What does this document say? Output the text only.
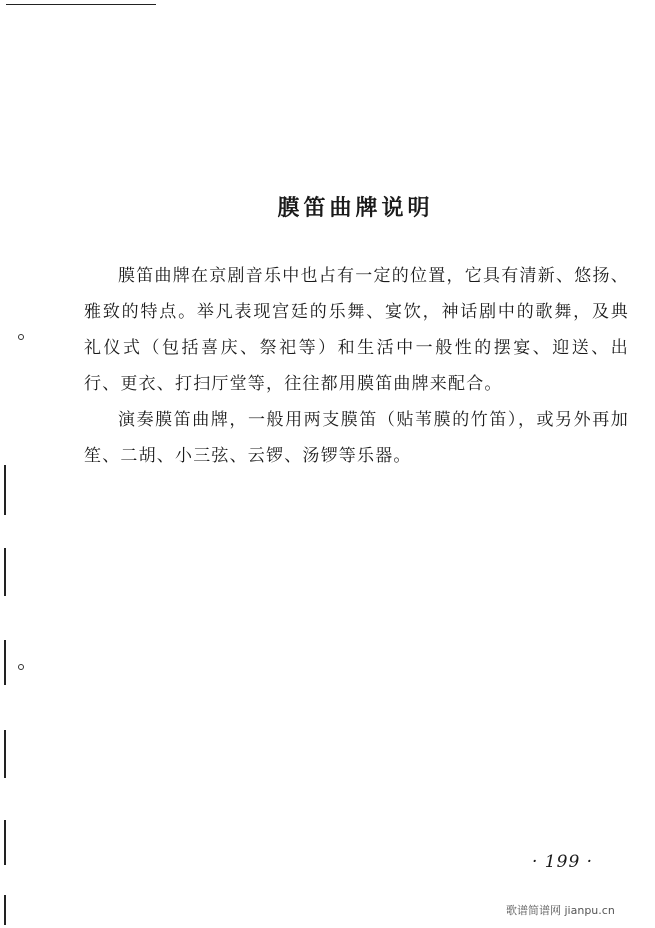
膜笛曲牌说明

膜笛曲牌在京剧音乐中也占有一定的位置，它具有清新、悠扬、雅致的特点。举凡表现宫廷的乐舞、宴饮，神话剧中的歌舞，及典礼仪式（包括喜庆、祭祀等）和生活中一般性的摆宴、迎送、出行、更衣、打扫厅堂等，往往都用膜笛曲牌来配合。

演奏膜笛曲牌，一般用两支膜笛（贴苇膜的竹笛），或另外再加笙、二胡、小三弦、云锣、汤锣等乐器。

· 199 ·
歌谱简谱网 jianpu.cn
